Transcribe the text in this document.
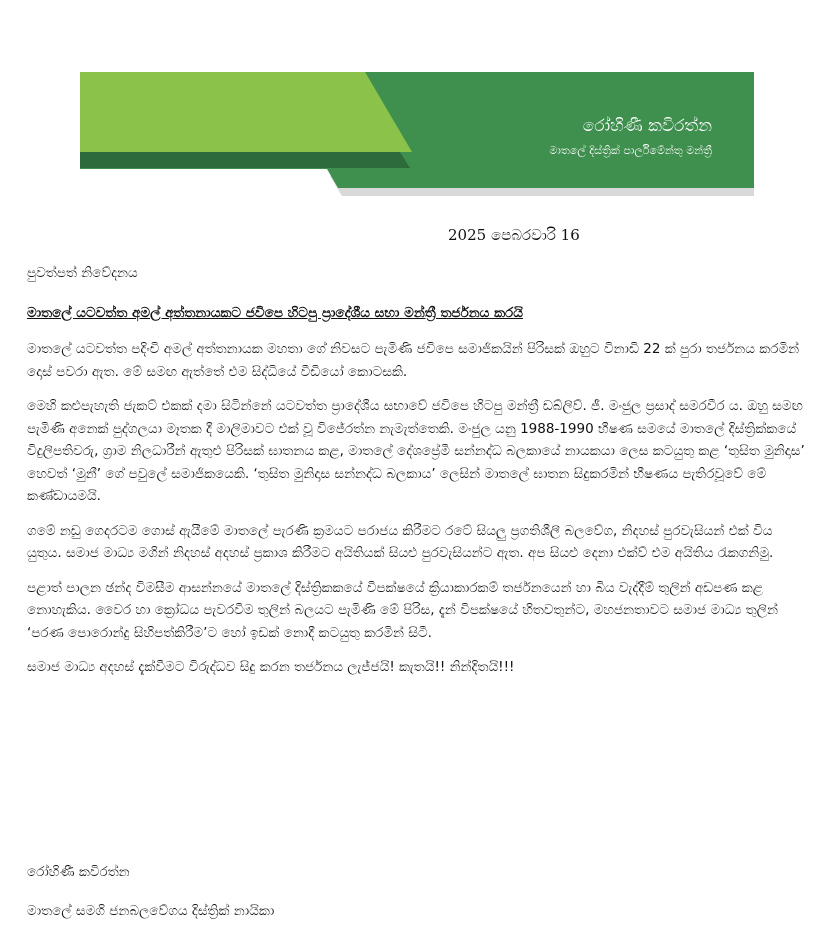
රෝහිණී කවිරත්න
මාතලේ දිස්ත්‍රික් පාර්ලිමේන්තු මන්ත්‍රී
2025 පෙබරවාරි 16

පුවත්පත් නිවේදනය

මාතලේ යටවත්ත අමල් අත්තනායකට ජවිපෙ හිටපු ප්‍රාදේශීය සභා මන්ත්‍රී තර්ජනය කරයි

මාතලේ යටවත්ත පදිංචි අමල් අත්තනායක මහතා ගේ නිවසට පැමිණි ජවිපෙ සමාජිකයින් පිරිසක් ඔහුට විනාඩි 22 ක් පුරා තර්ජනය කරමින් දොස් පවරා ඇත. මේ සමඟ ඇත්තේ එම සිද්ධියේ වීඩියෝ කොටසකි.

මෙහි කළුපැහැති ජැකට් එකක් දමා සිටින්නේ යටවත්ත ප්‍රාදේශීය සභාවේ ජවිපෙ හිටපු මන්ත්‍රී ඩබ්ලිව්. ජී. මංජුල ප්‍රසාද් සමරවීර ය. ඔහු සමඟ පැමිණි අනෙක් පුද්ගලයා මෑතක දී මාලිමාවට එක් වූ විජේරත්න නැමැත්තෙකි. මංජුල යනු 1988-1990 භීෂණ සමයේ මාතලේ දිස්ත්‍රික්කයේ විදුලිපතිවරු, ග්‍රාම නිලධාරීන් ඇතුළු පිරිසක් ඝාතනය කළ, මාතලේ දේශප්‍රේමී සන්නද්ධ බලකායේ නායකයා ලෙස කටයුතු කළ ‘තුසිත මුනිදාස’ හෙවත් ‘මුනී’ ගේ පවුලේ සමාජිකයෙකි. ‘තුසිත මුනිදාස සන්නද්ධ බලකාය’ ලෙසින් මාතලේ ඝාතන සිදුකරමින් භීෂණය පැතිරවූවේ මේ කණ්ඩායමයි.

ගමේ නඩු ගෙදරටම ගොස් ඇයීමේ මාතලේ පැරණි ක්‍රමයට පරාජය කිරීමට රටේ සියලු ප්‍රගතිශීලී බලවේග, නිදහස් පුරවැසියන් එක් විය යුතුය. සමාජ මාධ්‍ය මගින් නිදහස් අදහස් ප්‍රකාශ කිරීමට අයිතියක් සියළු පුරවැසියන්ට ඇත. අප සියළු දෙනා එක්ව් එම අයිතිය රැකගනිමු.

පළාත් පාලන ඡන්ද විමසීම ආසන්නයේ මාතලේ දිස්ත්‍රිකකයේ විපක්ෂයේ ක්‍රියාකාරකම් තර්ජනයෙන් හා බිය වැද්දීම් තුලින් අඩපණ කළ නොහැකිය. වෛර හා ක්‍රෝධය පැවරවීම තුලින් බලයට පැමිණි මේ පිරිස, දැන් විපක්ෂයේ හිතවතුන්ට, මහජනතාවට සමාජ මාධ්‍ය තුලින් ‘පරණ පොරොන්දු සිහිපත්කිරීම’ට හෝ ඉඩක් නොදී කටයුතු කරමින් සිටී.

සමාජ මාධ්‍ය අදහස් දැක්වීමට විරුද්ධව සිදු කරන තර්ජනය ලැජ්ජයි! කැතයි!! නින්දිතයි!!!

රෝහිණී කවිරත්න
මාතලේ සමගි ජනබලවේගය දිස්ත්‍රික් නායිකා
